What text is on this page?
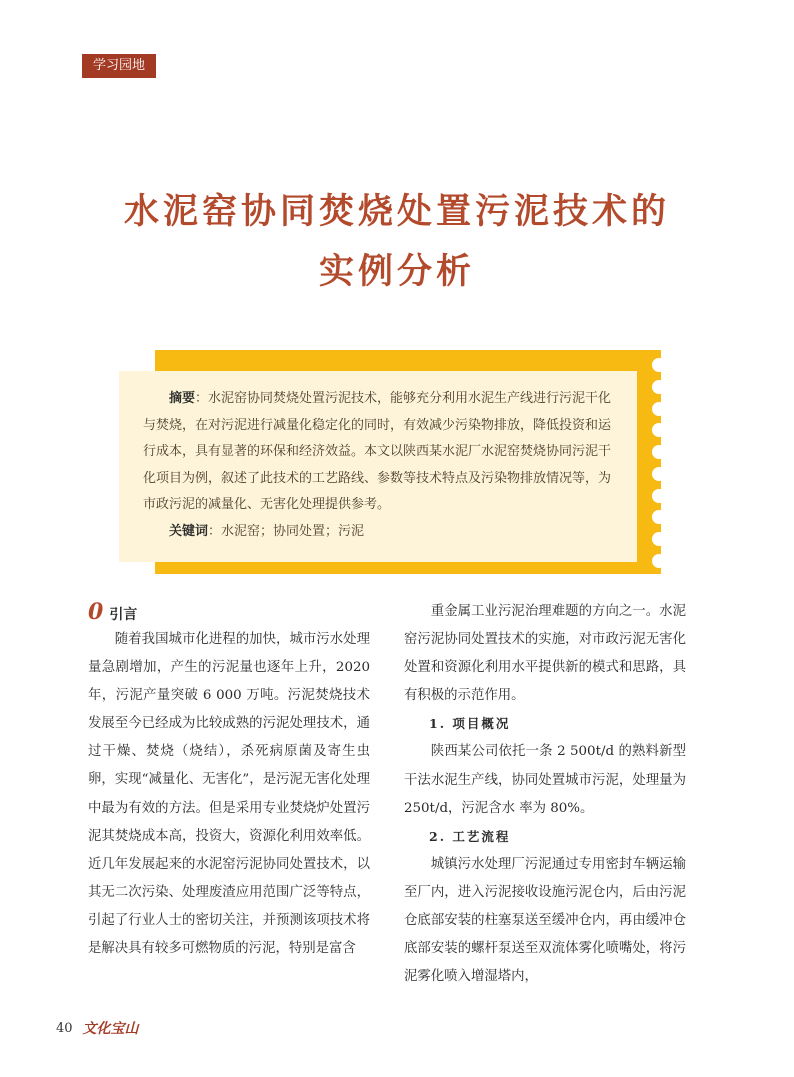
学习园地
水泥窑协同焚烧处置污泥技术的
实例分析

摘要：水泥窑协同焚烧处置污泥技术，能够充分利用水泥生产线进行污泥干化与焚烧，在对污泥进行减量化稳定化的同时，有效减少污染物排放，降低投资和运行成本，具有显著的环保和经济效益。本文以陕西某水泥厂水泥窑焚烧协同污泥干化项目为例，叙述了此技术的工艺路线、参数等技术特点及污染物排放情况等，为市政污泥的减量化、无害化处理提供参考。

关键词：水泥窑；协同处置；污泥

0 引言

随着我国城市化进程的加快，城市污水处理量急剧增加，产生的污泥量也逐年上升，2020 年，污泥产量突破 6 000 万吨。污泥焚烧技术发展至今已经成为比较成熟的污泥处理技术，通过干燥、焚烧（烧结），杀死病原菌及寄生虫卵，实现“减量化、无害化”，是污泥无害化处理中最为有效的方法。但是采用专业焚烧炉处置污泥其焚烧成本高，投资大，资源化利用效率低。近几年发展起来的水泥窑污泥协同处置技术，以其无二次污染、处理废渣应用范围广泛等特点，引起了行业人士的密切关注，并预测该项技术将是解决具有较多可燃物质的污泥，特别是富含

重金属工业污泥治理难题的方向之一。水泥窑污泥协同处置技术的实施，对市政污泥无害化处置和资源化利用水平提供新的模式和思路，具有积极的示范作用。

1. 项目概况

陕西某公司依托一条 2 500t/d 的熟料新型干法水泥生产线，协同处置城市污泥，处理量为 250t/d，污泥含水 率为 80%。

2. 工艺流程

城镇污水处理厂污泥通过专用密封车辆运输至厂内，进入污泥接收设施污泥仓内，后由污泥仓底部安装的柱塞泵送至缓冲仓内，再由缓冲仓底部安装的螺杆泵送至双流体雾化喷嘴处，将污泥雾化喷入增湿塔内，

40 文化宝山
